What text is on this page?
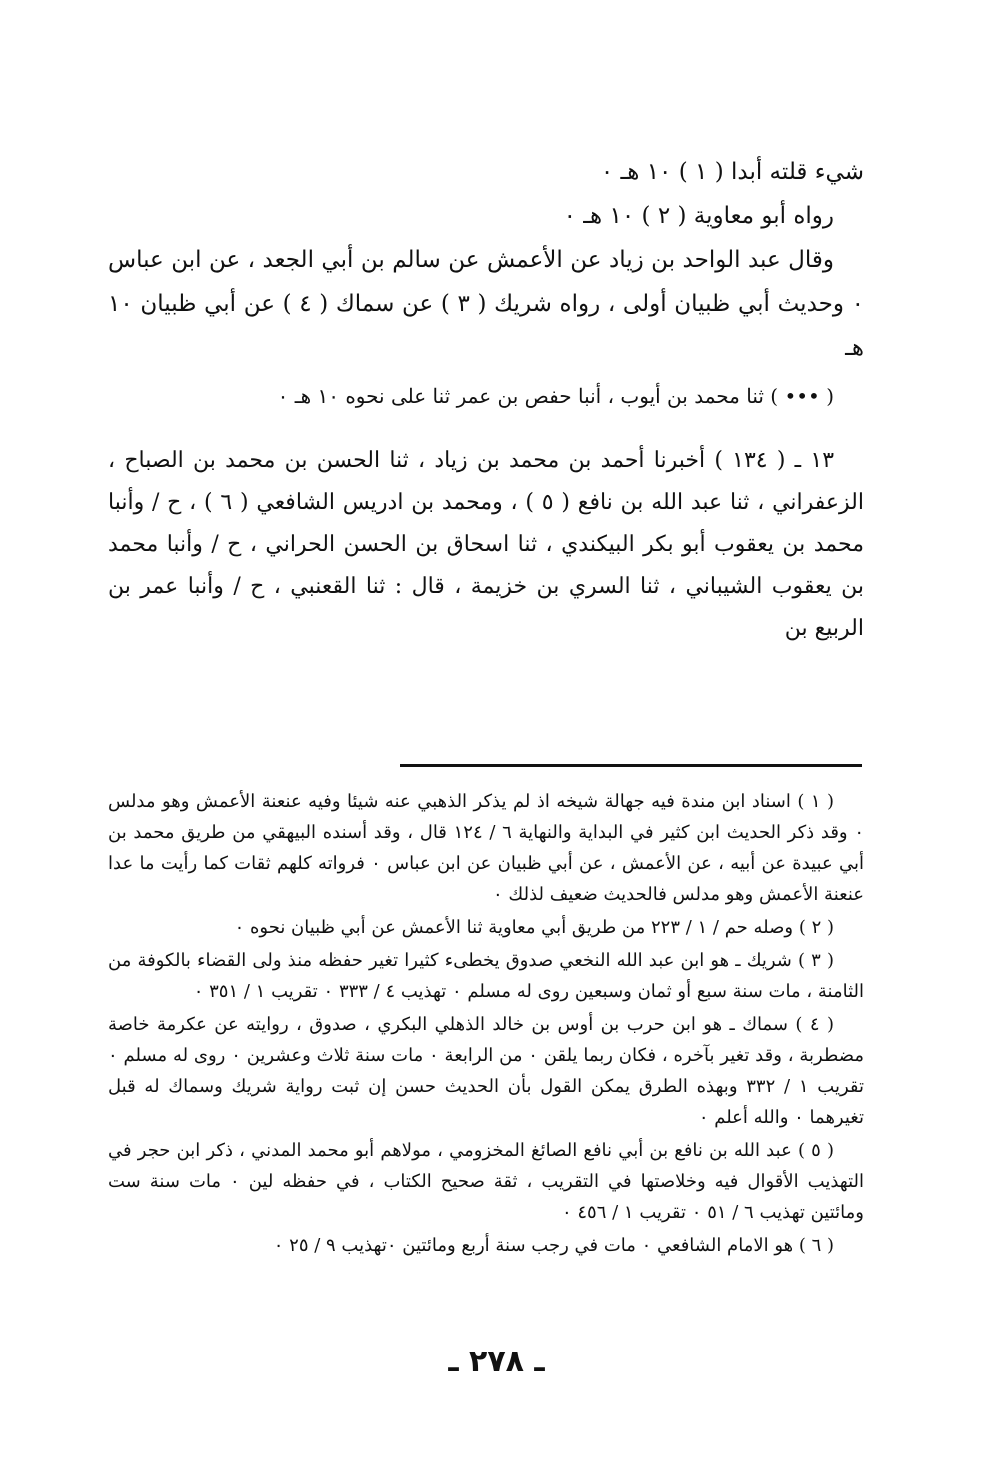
شيء قلته أبدا ( ١ ) ١٠ هـ ٠

رواه أبو معاوية ( ٢ ) ١٠ هـ ٠

وقال عبد الواحد بن زياد عن الأعمش عن سالم بن أبي الجعد ، عن ابن عباس ٠ وحديث أبي ظبيان أولى ، رواه شريك ( ٣ ) عن سماك ( ٤ ) عن أبي ظبيان ١٠ هـ

( ••• ) ثنا محمد بن أيوب ، أنبا حفص بن عمر ثنا على نحوه ١٠ هـ ٠

١٣ ـ ( ١٣٤ ) أخبرنا أحمد بن محمد بن زياد ، ثنا الحسن بن محمد بن الصباح ، الزعفراني ، ثنا عبد الله بن نافع ( ٥ ) ، ومحمد بن ادريس الشافعي ( ٦ ) ، ح / وأنبا محمد بن يعقوب أبو بكر البيكندي ، ثنا اسحاق بن الحسن الحراني ، ح / وأنبا محمد بن يعقوب الشيباني ، ثنا السري بن خزيمة ، قال : ثنا القعنبي ، ح / وأنبا عمر بن الربيع بن

( ١ ) اسناد ابن مندة فيه جهالة شيخه اذ لم يذكر الذهبي عنه شيئا وفيه عنعنة الأعمش وهو مدلس ٠ وقد ذكر الحديث ابن كثير في البداية والنهاية ٦ / ١٢٤ قال ، وقد أسنده البيهقي من طريق محمد بن أبي عبيدة عن أبيه ، عن الأعمش ، عن أبي ظبيان عن ابن عباس ٠ فرواته كلهم ثقات كما رأيت ما عدا عنعنة الأعمش وهو مدلس فالحديث ضعيف لذلك ٠

( ٢ ) وصله حم / ١ / ٢٢٣ من طريق أبي معاوية ثنا الأعمش عن أبي ظبيان نحوه ٠

( ٣ ) شريك ـ هو ابن عبد الله النخعي صدوق يخطىء كثيرا تغير حفظه منذ ولى القضاء بالكوفة من الثامنة ، مات سنة سبع أو ثمان وسبعين روى له مسلم ٠ تهذيب ٤ / ٣٣٣ ٠ تقريب ١ / ٣٥١ ٠

( ٤ ) سماك ـ هو ابن حرب بن أوس بن خالد الذهلي البكري ، صدوق ، روايته عن عكرمة خاصة مضطربة ، وقد تغير بآخره ، فكان ربما يلقن ٠ من الرابعة ٠ مات سنة ثلاث وعشرين ٠ روى له مسلم ٠ تقريب ١ / ٣٣٢ وبهذه الطرق يمكن القول بأن الحديث حسن إن ثبت رواية شريك وسماك له قبل تغيرهما ٠ والله أعلم ٠

( ٥ ) عبد الله بن نافع بن أبي نافع الصائغ المخزومي ، مولاهم أبو محمد المدني ، ذكر ابن حجر في التهذيب الأقوال فيه وخلاصتها في التقريب ، ثقة صحيح الكتاب ، في حفظه لين ٠ مات سنة ست ومائتين تهذيب ٦ / ٥١ ٠ تقريب ١ / ٤٥٦ ٠

( ٦ ) هو الامام الشافعي ٠ مات في رجب سنة أربع ومائتين ٠تهذيب ٩ / ٢٥ ٠

ـ ٢٧٨ ـ
